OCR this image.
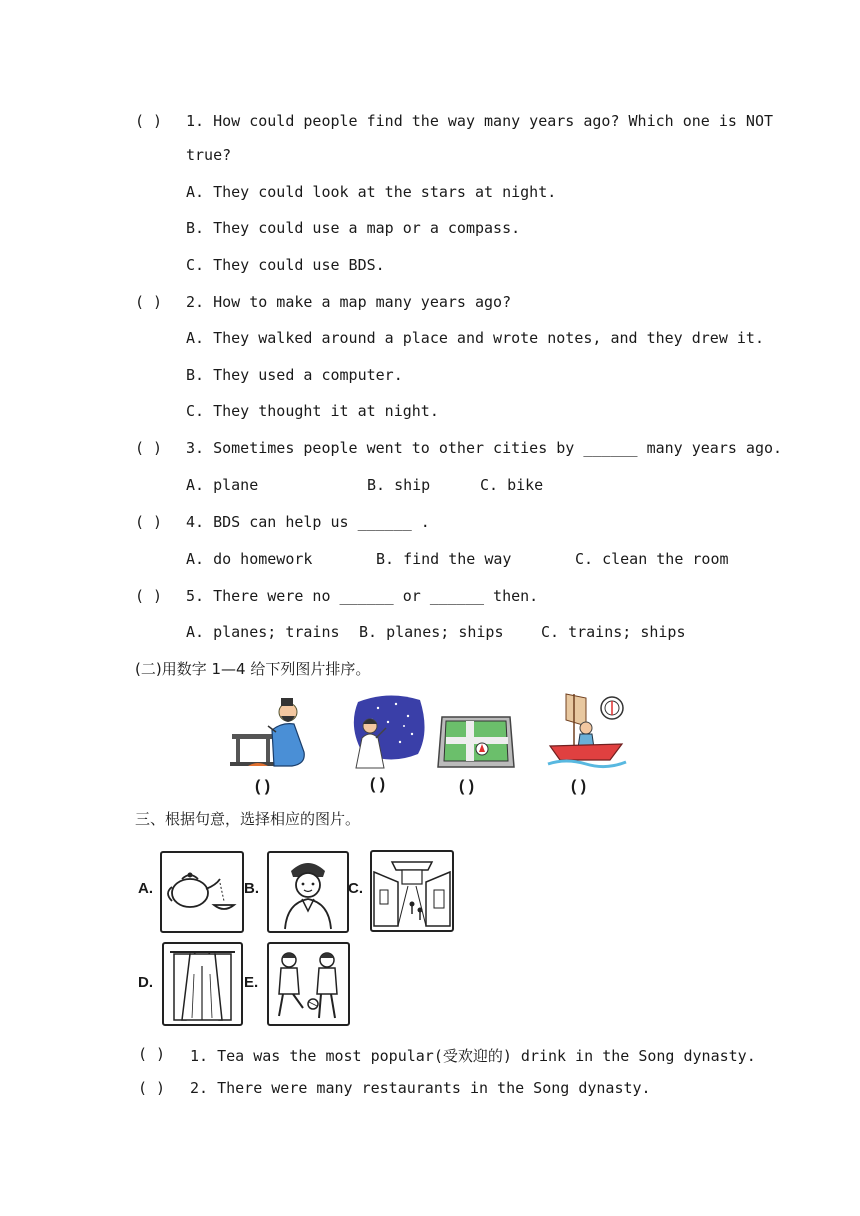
( ) 1. How could people find the way many years ago? Which one is NOT
true?
A. They could look at the stars at night.
B. They could use a map or a compass.
C. They could use BDS.
( ) 2. How to make a map many years ago?
A. They walked around a place and wrote notes, and they drew it.
B. They used a computer.
C. They thought it at night.
( ) 3. Sometimes people went to other cities by ______ many years ago.
A. plane	B. ship	C. bike
( ) 4. BDS can help us ______ .
A. do homework	B. find the way	C. clean the room
( ) 5. There were no ______ or ______ then.
A. planes; trains B. planes; ships	C. trains; ships
(二)用数字 1—4 给下列图片排序。
( )	( )	( )	( )
三、根据句意，选择相应的图片。
A.	B.	C.
D.	E.
( ) 1. Tea was the most popular(受欢迎的) drink in the Song dynasty.
( ) 2. There were many restaurants in the Song dynasty.
